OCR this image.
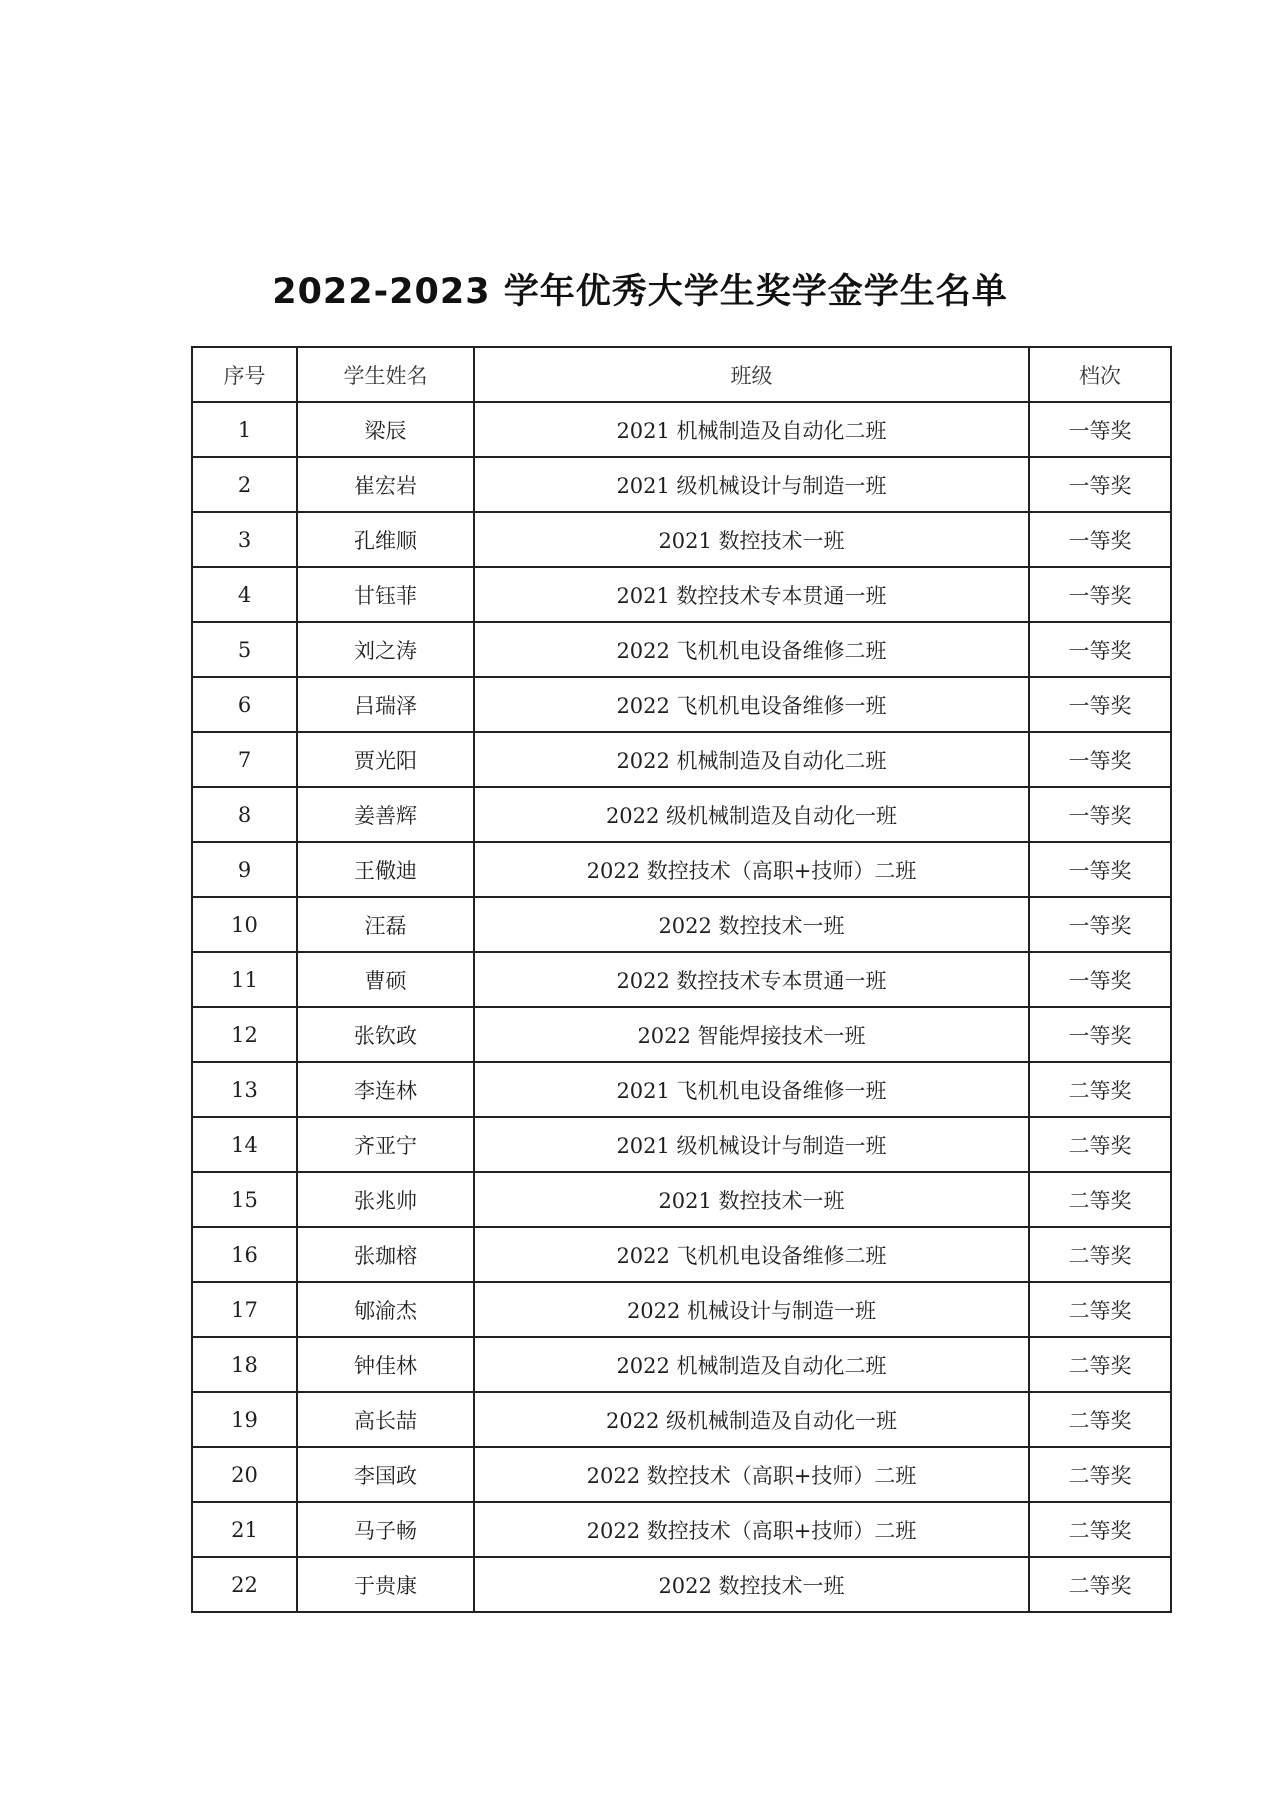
2022-2023 学年优秀大学生奖学金学生名单
序号	学生姓名	班级	档次
1	梁辰	2021 机械制造及自动化二班	一等奖
2	崔宏岩	2021 级机械设计与制造一班	一等奖
3	孔维顺	2021 数控技术一班	一等奖
4	甘钰菲	2021 数控技术专本贯通一班	一等奖
5	刘之涛	2022 飞机机电设备维修二班	一等奖
6	吕瑞泽	2022 飞机机电设备维修一班	一等奖
7	贾光阳	2022 机械制造及自动化二班	一等奖
8	姜善辉	2022 级机械制造及自动化一班	一等奖
9	王儆迪	2022 数控技术（高职+技师）二班	一等奖
10	汪磊	2022 数控技术一班	一等奖
11	曹硕	2022 数控技术专本贯通一班	一等奖
12	张钦政	2022 智能焊接技术一班	一等奖
13	李连林	2021 飞机机电设备维修一班	二等奖
14	齐亚宁	2021 级机械设计与制造一班	二等奖
15	张兆帅	2021 数控技术一班	二等奖
16	张珈榕	2022 飞机机电设备维修二班	二等奖
17	郇渝杰	2022 机械设计与制造一班	二等奖
18	钟佳林	2022 机械制造及自动化二班	二等奖
19	高长喆	2022 级机械制造及自动化一班	二等奖
20	李国政	2022 数控技术（高职+技师）二班	二等奖
21	马子畅	2022 数控技术（高职+技师）二班	二等奖
22	于贵康	2022 数控技术一班	二等奖
